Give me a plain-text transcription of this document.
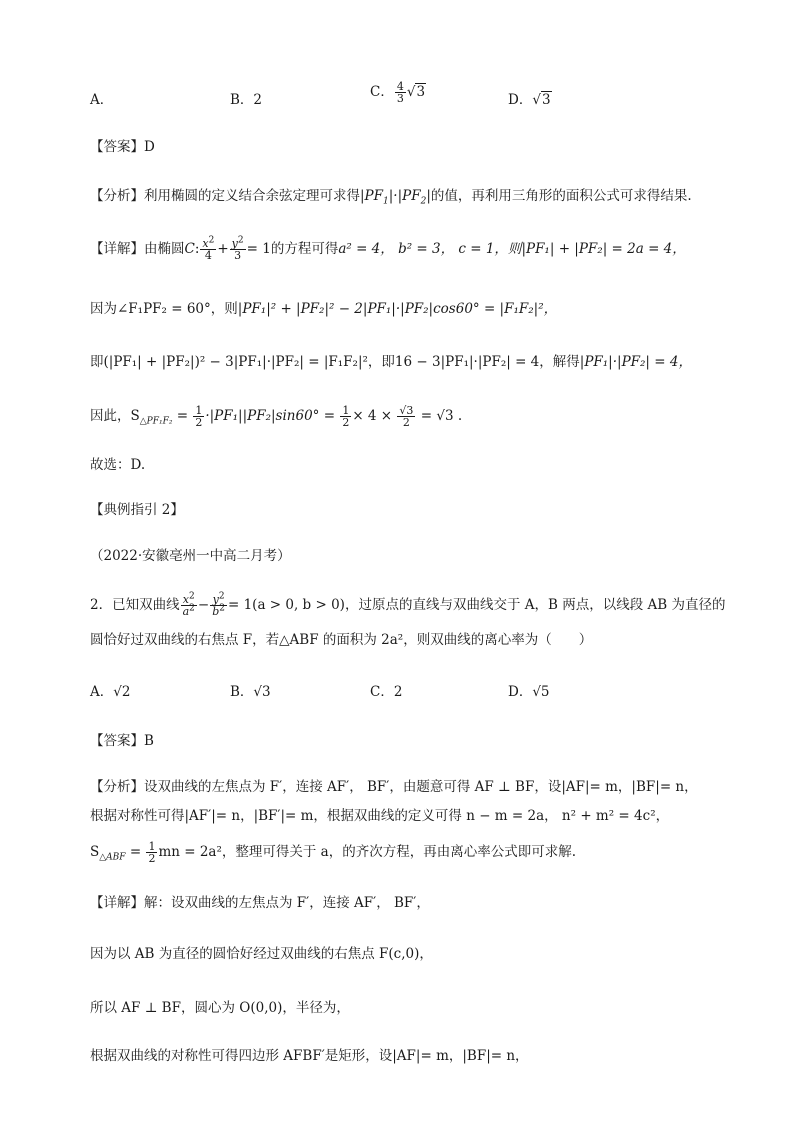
A．	B．2	C． $\frac{4}{3} √3$	D．√3
【答案】D
【分析】利用椭圆的定义结合余弦定理可求得$|PF_1|\cdot|PF_2|$的值，再利用三角形的面积公式可求得结果.
【详解】由椭圆C: $\frac{x^2}{4} + \frac{y^2}{3} = 1$的方程可得a² = 4， b² = 3， c = 1，则|PF₁| + |PF₂| = 2a = 4，
因为∠F₁PF₂ = 60°，则|PF₁|² + |PF₂|² − 2|PF₁|·|PF₂|cos60° = |F₁F₂|²，
即(|PF₁| + |PF₂|)² − 3|PF₁|·|PF₂| = |F₁F₂|²，即16 − 3|PF₁|·|PF₂| = 4，解得|PF₁|·|PF₂| = 4，
因此，$S_{\triangle PF_1F_2} = \frac{1}{2} \cdot|PF_1||PF_2|\sin 60^\circ = \frac{1}{2} \times 4 \times \frac{√3}{2} = √3$ .
故选：D.
【典例指引 2】
（2022·安徽亳州一中高二月考）
2．已知双曲线 $\frac{x^2}{a^2} - \frac{y^2}{b^2} = 1(a > 0$, b > 0)，过原点的直线与双曲线交于 A，B 两点，以线段 AB 为直径的
圆恰好过双曲线的右焦点 F，若△ABF 的面积为 2a²，则双曲线的离心率为（　　）
A．√2	B．√3	C．2	D．√5
【答案】B
【分析】设双曲线的左焦点为 F′，连接 AF′， BF′，由题意可得 AF ⊥ BF，设|AF|= m，|BF|= n，
根据对称性可得|AF′|= n，|BF′|= m，根据双曲线的定义可得 n − m = 2a， n² + m² = 4c²，
$S_{\triangle ABF} = \frac{1}{2}$ mn = 2a²，整理可得关于 a，的齐次方程，再由离心率公式即可求解.
【详解】解：设双曲线的左焦点为 F′，连接 AF′， BF′，
因为以 AB 为直径的圆恰好经过双曲线的右焦点 F(c,0)，
所以 AF ⊥ BF，圆心为 O(0,0)，半径为，
根据双曲线的对称性可得四边形 AFBF′是矩形，设|AF|= m，|BF|= n，
